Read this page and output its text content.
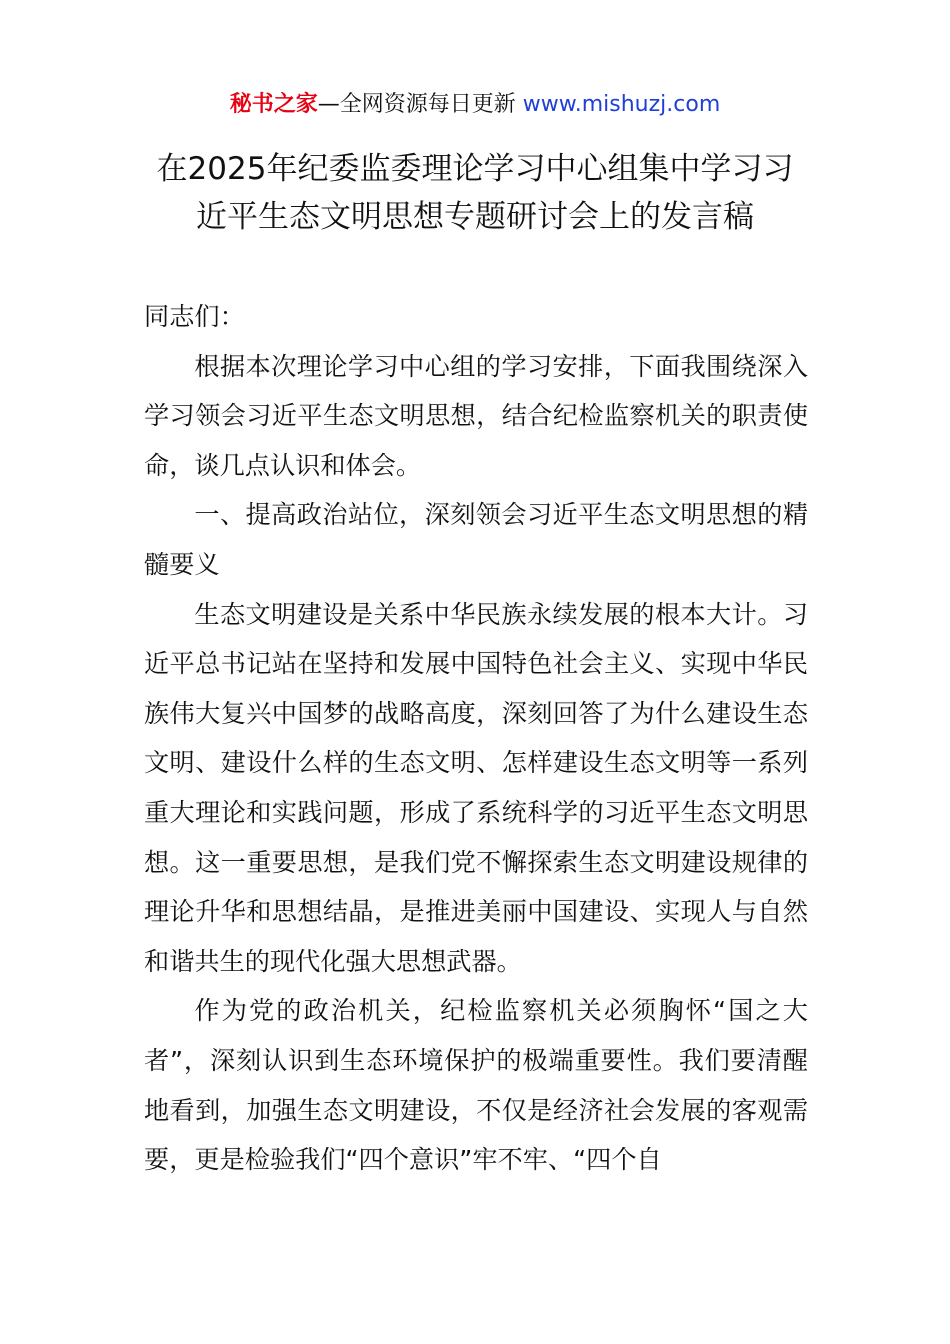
秘书之家—全网资源每日更新 www.mishuzj.com
在2025年纪委监委理论学习中心组集中学习习
近平生态文明思想专题研讨会上的发言稿

同志们：

根据本次理论学习中心组的学习安排，下面我围绕深入学习领会习近平生态文明思想，结合纪检监察机关的职责使命，谈几点认识和体会。

一、提高政治站位，深刻领会习近平生态文明思想的精髓要义

生态文明建设是关系中华民族永续发展的根本大计。习近平总书记站在坚持和发展中国特色社会主义、实现中华民族伟大复兴中国梦的战略高度，深刻回答了为什么建设生态文明、建设什么样的生态文明、怎样建设生态文明等一系列重大理论和实践问题，形成了系统科学的习近平生态文明思想。这一重要思想，是我们党不懈探索生态文明建设规律的理论升华和思想结晶，是推进美丽中国建设、实现人与自然和谐共生的现代化强大思想武器。

作为党的政治机关，纪检监察机关必须胸怀“国之大者”，深刻认识到生态环境保护的极端重要性。我们要清醒地看到，加强生态文明建设，不仅是经济社会发展的客观需要，更是检验我们“四个意识”牢不牢、“四个自
